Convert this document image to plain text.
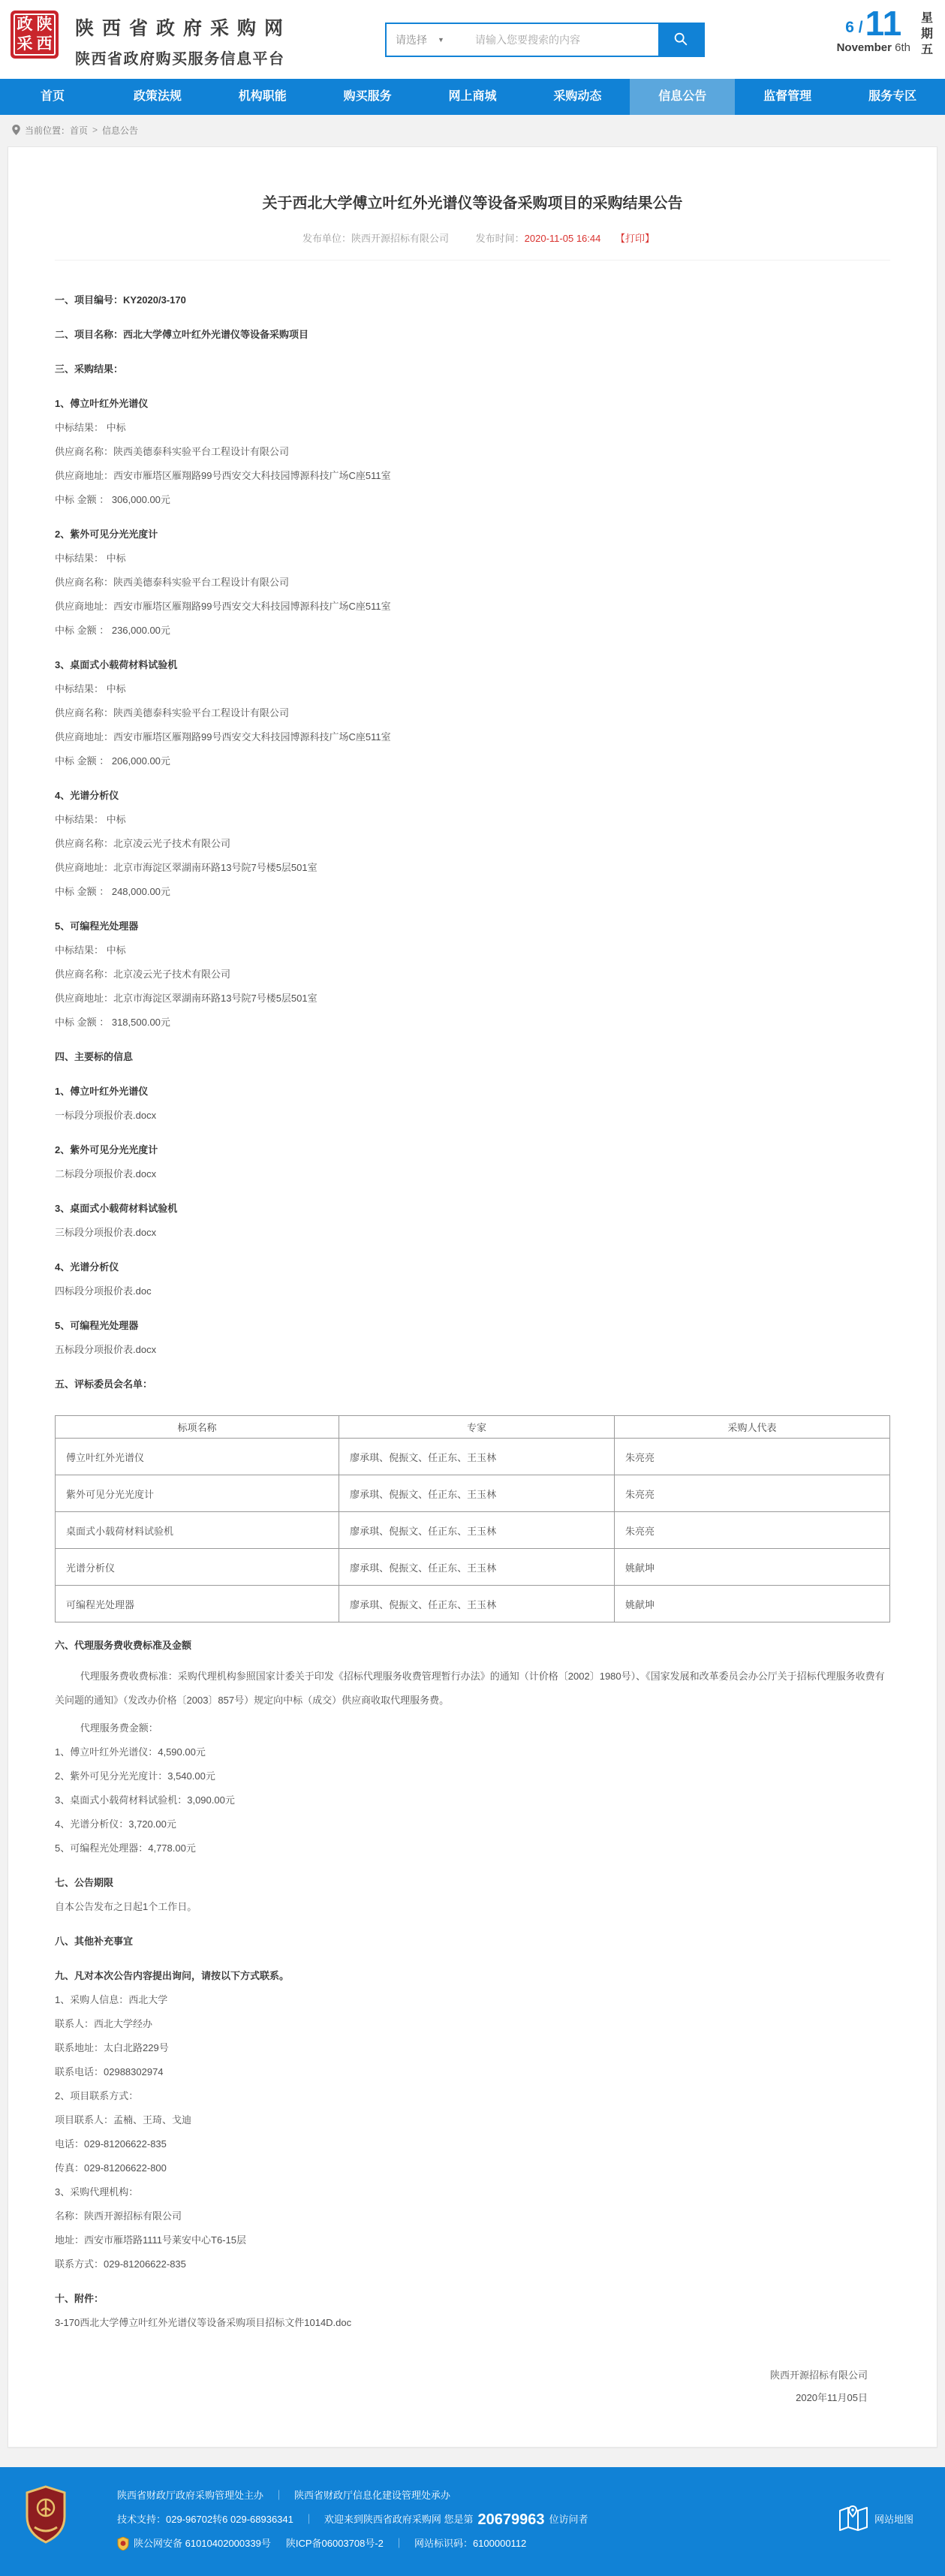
政 陕
采 西
陕西省政府采购网
陕西省政府购买服务信息平台
请选择 ▼
请输入您要搜索的内容
6 / 11
November 6th
星
期
五
首页	政策法规	机构职能	购买服务	网上商城	采购动态	信息公告	监督管理	服务专区
当前位置： 首页 > 信息公告
关于西北大学傅立叶红外光谱仪等设备采购项目的采购结果公告
发布单位：陕西开源招标有限公司	发布时间：2020-11-05 16:44 【打印】

一、项目编号：KY2020/3-170

二、项目名称：西北大学傅立叶红外光谱仪等设备采购项目

三、采购结果：

1、傅立叶红外光谱仪

中标结果： 中标

供应商名称：陕西美德泰科实验平台工程设计有限公司

供应商地址：西安市雁塔区雁翔路99号西安交大科技园博源科技广场C座511室

中标 金额 ： 306,000.00元

2、紫外可见分光光度计

中标结果： 中标

供应商名称：陕西美德泰科实验平台工程设计有限公司

供应商地址：西安市雁塔区雁翔路99号西安交大科技园博源科技广场C座511室

中标 金额 ： 236,000.00元

3、桌面式小载荷材料试验机

中标结果： 中标

供应商名称：陕西美德泰科实验平台工程设计有限公司

供应商地址：西安市雁塔区雁翔路99号西安交大科技园博源科技广场C座511室

中标 金额 ： 206,000.00元

4、光谱分析仪

中标结果： 中标

供应商名称：北京凌云光子技术有限公司

供应商地址：北京市海淀区翠湖南环路13号院7号楼5层501室

中标 金额 ： 248,000.00元

5、可编程光处理器

中标结果： 中标

供应商名称：北京凌云光子技术有限公司

供应商地址：北京市海淀区翠湖南环路13号院7号楼5层501室

中标 金额 ： 318,500.00元

四、主要标的信息

1、傅立叶红外光谱仪

一标段分项报价表.docx

2、紫外可见分光光度计

二标段分项报价表.docx

3、桌面式小载荷材料试验机

三标段分项报价表.docx

4、光谱分析仪

四标段分项报价表.doc

5、可编程光处理器

五标段分项报价表.docx

五、评标委员会名单：

标项名称	专家	采购人代表
傅立叶红外光谱仪	廖承琪、倪振文、任正东、王玉林	朱亮亮
紫外可见分光光度计	廖承琪、倪振文、任正东、王玉林	朱亮亮
桌面式小载荷材料试验机	廖承琪、倪振文、任正东、王玉林	朱亮亮
光谱分析仪	廖承琪、倪振文、任正东、王玉林	姚献坤
可编程光处理器	廖承琪、倪振文、任正东、王玉林	姚献坤

六、代理服务费收费标准及金额

代理服务费收费标准：采购代理机构参照国家计委关于印发《招标代理服务收费管理暂行办法》的通知（计价格〔2002〕1980号）、《国家发展和改革委员会办公厅关于招标代理服务收费有关问题的通知》（发改办价格〔2003〕857号）规定向中标（成交）供应商收取代理服务费。

代理服务费金额：

1、傅立叶红外光谱仪：4,590.00元

2、紫外可见分光光度计：3,540.00元

3、桌面式小载荷材料试验机：3,090.00元

4、光谱分析仪：3,720.00元

5、可编程光处理器：4,778.00元

七、公告期限

自本公告发布之日起1个工作日。

八、其他补充事宜

九、凡对本次公告内容提出询问，请按以下方式联系。

1、采购人信息：西北大学

联系人：西北大学经办

联系地址：太白北路229号

联系电话：02988302974

2、项目联系方式：

项目联系人：孟楠、王琦、戈迪

电话：029-81206622-835

传真：029-81206622-800

3、采购代理机构：

名称：陕西开源招标有限公司

地址：西安市雁塔路1111号莱安中心T6-15层

联系方式：029-81206622-835

十、附件：

3-170西北大学傅立叶红外光谱仪等设备采购项目招标文件1014D.doc

陕西开源招标有限公司

2020年11月05日

陕西省财政厅政府采购管理处主办 ｜ 陕西省财政厅信息化建设管理处承办
技术支持：029-96702转6 029-68936341 ｜ 欢迎来到陕西省政府采购网 您是第 20679963 位访问者
陕公网安备 61010402000339号 陕ICP备06003708号-2 ｜ 网站标识码：6100000112
网站地图
